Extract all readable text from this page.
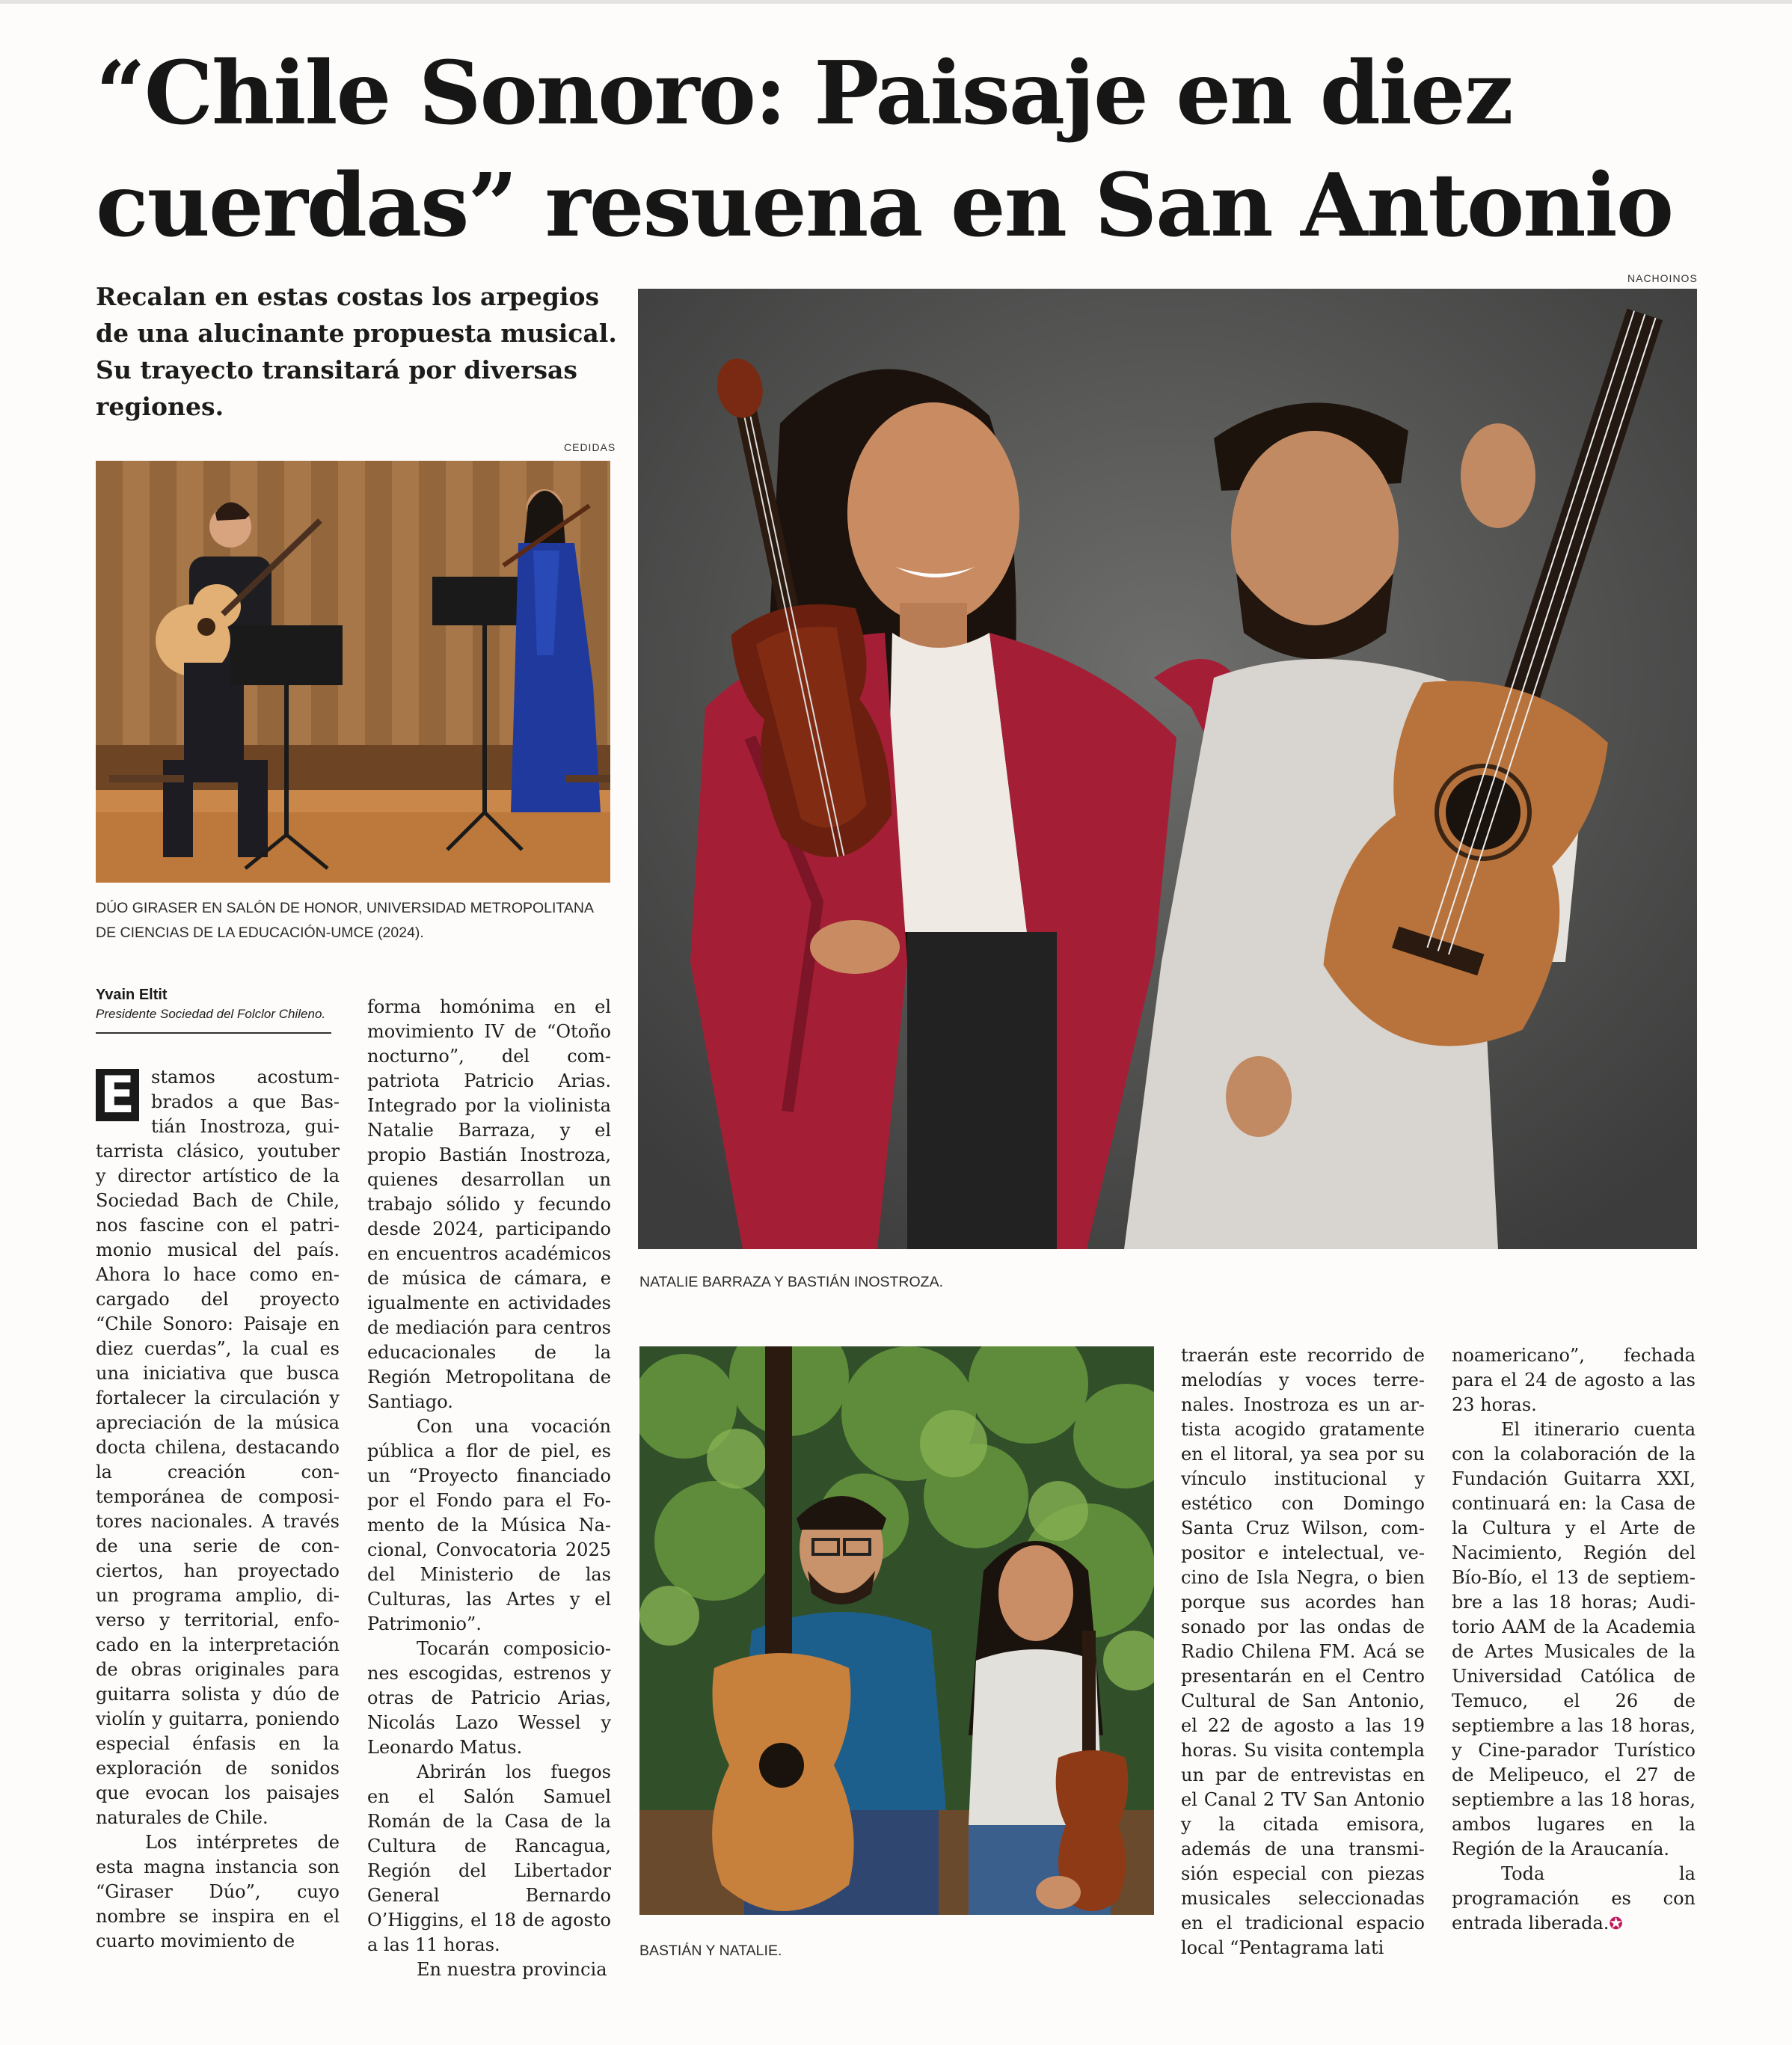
“Chile Sonoro: Paisaje en diez cuerdas” resuena en San Antonio

Recalan en estas costas los arpegios de una alucinante propuesta musical. Su trayecto transitará por diversas regiones.

CEDIDAS
DÚO GIRASER EN SALÓN DE HONOR, UNIVERSIDAD METROPOLITANA DE CIENCIAS DE LA EDUCACIÓN-UMCE (2024).
NACHOINOS
NATALIE BARRAZA Y BASTIÁN INOSTROZA.
BASTIÁN Y NATALIE.
Yvain Eltit
Presidente Sociedad del Folclor Chileno.

E stamos acostumbrados a que Bastián Inostroza, guitarrista clásico, youtuber y director artístico de la Sociedad Bach de Chile, nos fascine con el patrimonio musical del país. Ahora lo hace como encargado del proyecto “Chile Sonoro: Paisaje en diez cuerdas”, la cual es una iniciativa que busca fortalecer la circulación y apreciación de la música docta chilena, destacando la creación contemporánea de compositores nacionales. A través de una serie de conciertos, han proyectado un programa amplio, diverso y territorial, enfocado en la interpretación de obras originales para guitarra solista y dúo de violín y guitarra, poniendo especial énfasis en la exploración de sonidos que evocan los paisajes naturales de Chile.

Los intérpretes de esta magna instancia son “Giraser Dúo”, cuyo nombre se inspira en el cuarto movimiento de

forma homónima en el movimiento IV de “Otoño nocturno”, del compatriota Patricio Arias. Integrado por la violinista Natalie Barraza, y el propio Bastián Inostroza, quienes desarrollan un trabajo sólido y fecundo desde 2024, participando en encuentros académicos de música de cámara, e igualmente en actividades de mediación para centros educacionales de la Región Metropolitana de Santiago.

Con una vocación pública a flor de piel, es un “Proyecto financiado por el Fondo para el Fomento de la Música Nacional, Convocatoria 2025 del Ministerio de las Culturas, las Artes y el Patrimonio”.

Tocarán composiciones escogidas, estrenos y otras de Patricio Arias, Nicolás Lazo Wessel y Leonardo Matus.

Abrirán los fuegos en el Salón Samuel Román de la Casa de la Cultura de Rancagua, Región del Libertador General Bernardo O’Higgins, el 18 de agosto a las 11 horas.

En nuestra provincia

traerán este recorrido de melodías y voces terrenales. Inostroza es un artista acogido gratamente en el litoral, ya sea por su vínculo institucional y estético con Domingo Santa Cruz Wilson, compositor e intelectual, vecino de Isla Negra, o bien porque sus acordes han sonado por las ondas de Radio Chilena FM. Acá se presentarán en el Centro Cultural de San Antonio, el 22 de agosto a las 19 horas. Su visita contempla un par de entrevistas en el Canal 2 TV San Antonio y la citada emisora, además de una transmisión especial con piezas musicales seleccionadas en el tradicional espacio local “Pentagrama lati

noamericano”, fechada para el 24 de agosto a las 23 horas.

El itinerario cuenta con la colaboración de la Fundación Guitarra XXI, continuará en: la Casa de la Cultura y el Arte de Nacimiento, Región del Bío-Bío, el 13 de septiembre a las 18 horas; Auditorio AAM de la Academia de Artes Musicales de la Universidad Católica de Temuco, el 26 de septiembre a las 18 horas, y Cine-parador Turístico de Melipeuco, el 27 de septiembre a las 18 horas, ambos lugares en la Región de la Araucanía.

Toda la programación es con entrada liberada.✪
